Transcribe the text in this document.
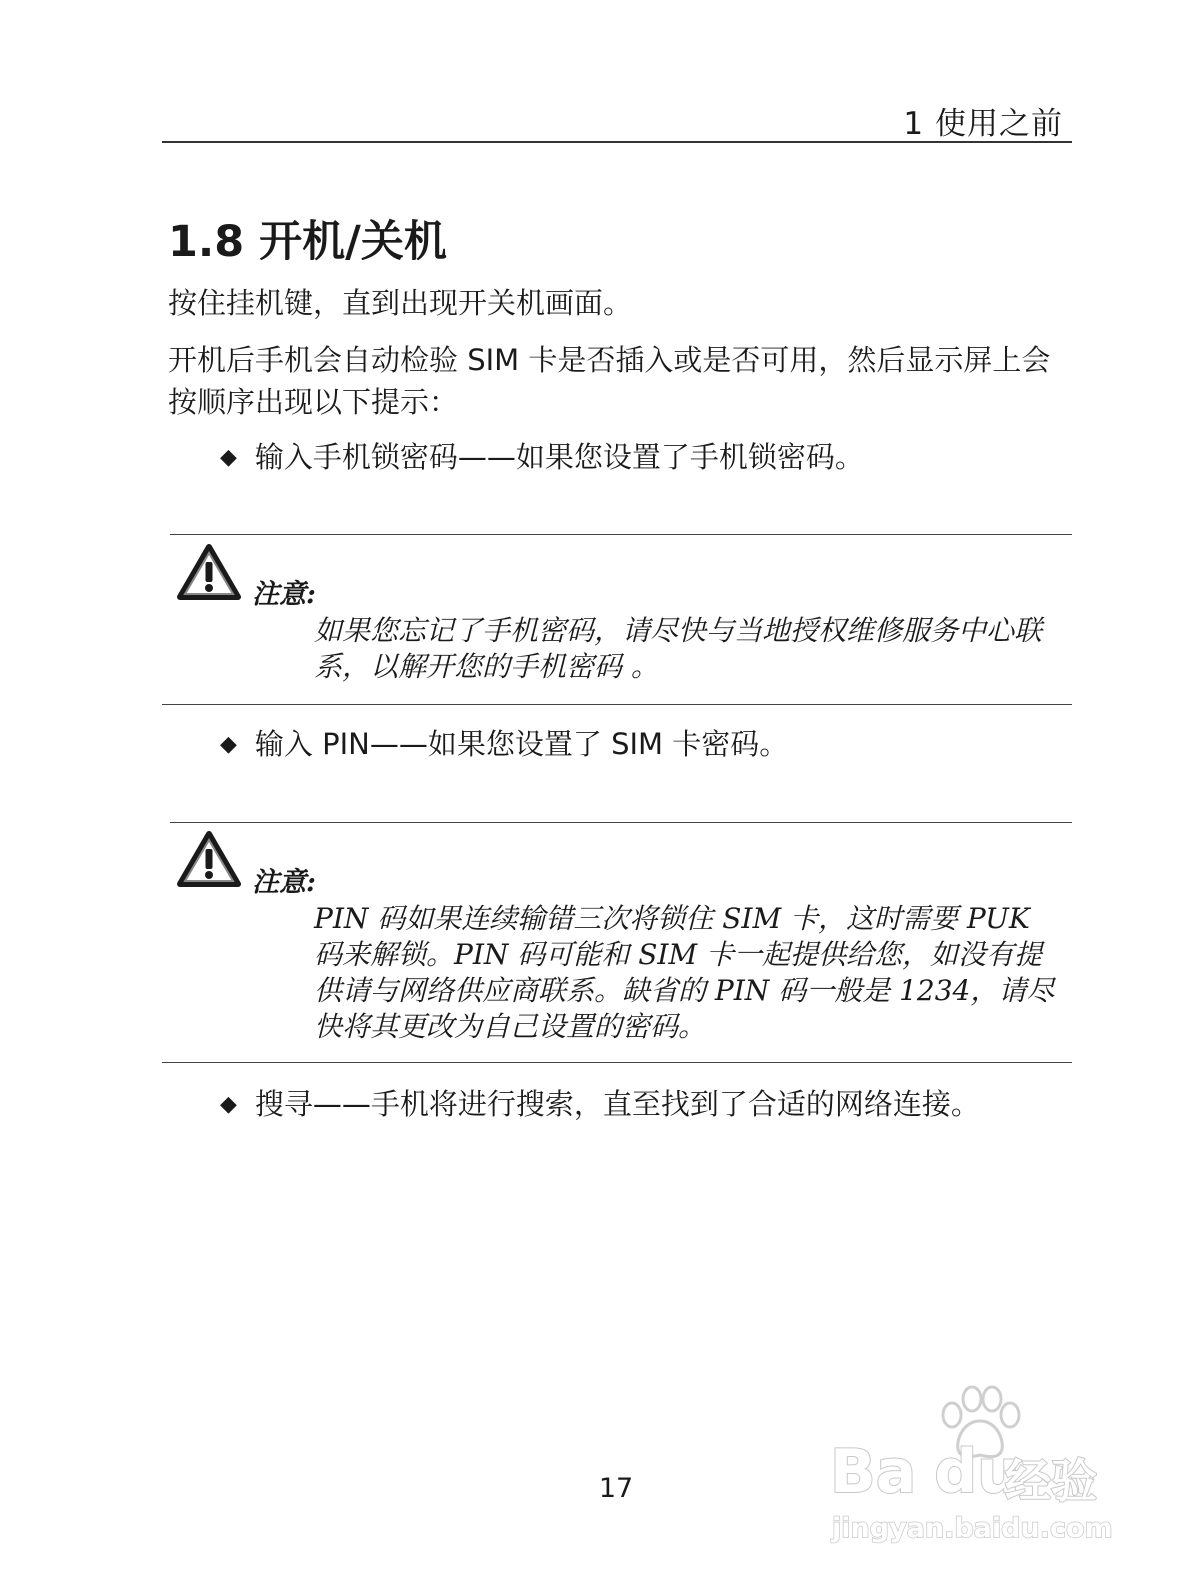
1 使用之前
1.8 开机/关机
按住挂机键，直到出现开关机画面。
开机后手机会自动检验 SIM 卡是否插入或是否可用，然后显示屏上会按顺序出现以下提示：
◆ 输入手机锁密码——如果您设置了手机锁密码。
注意:
如果您忘记了手机密码，请尽快与当地授权维修服务中心联系，以解开您的手机密码 。
◆ 输入 PIN——如果您设置了 SIM 卡密码。
注意:
PIN 码如果连续输错三次将锁住 SIM 卡，这时需要 PUK 码来解锁。PIN 码可能和 SIM 卡一起提供给您，如没有提供请与网络供应商联系。缺省的 PIN 码一般是 1234，请尽快将其更改为自己设置的密码。
◆ 搜寻——手机将进行搜索，直至找到了合适的网络连接。
17	Ba du
经验
jingyan.baidu.com
